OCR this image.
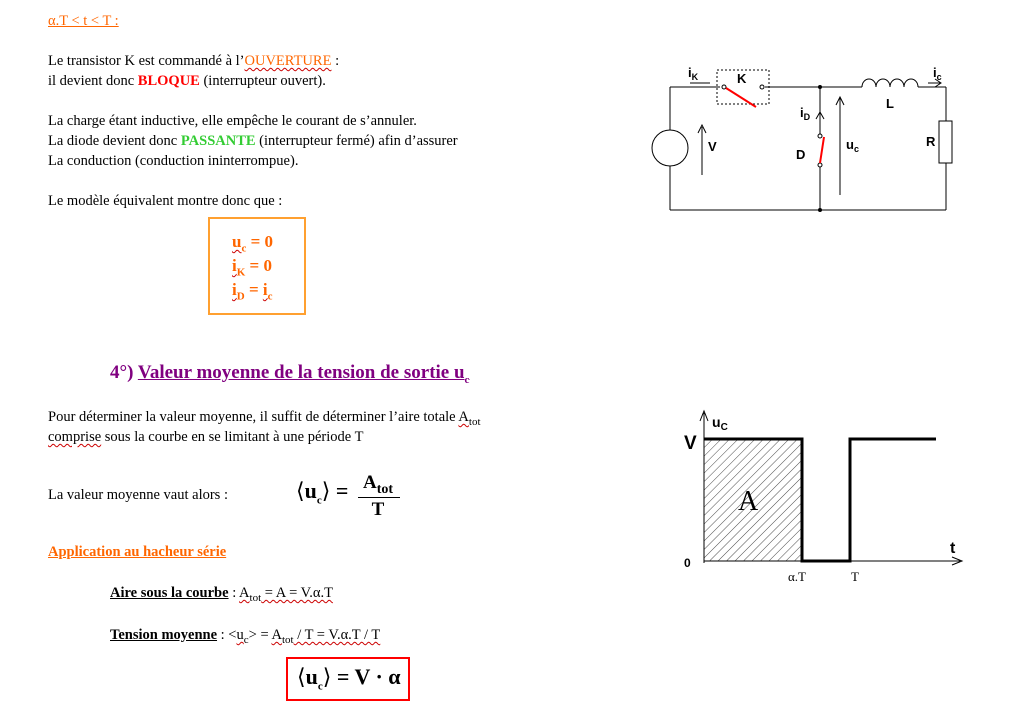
α.T < t < T :
Le transistor K est commandé à l’OUVERTURE :
il devient donc BLOQUE (interrupteur ouvert).
La charge étant inductive, elle empêche le courant de s’annuler.
La diode devient donc PASSANTE (interrupteur fermé) afin d’assurer
La conduction (conduction ininterrompue).
Le modèle équivalent montre donc que :
$u_c = 0$
$i_K = 0$
$i_D = i_c$
$i_K$	K	$i_c$
L
$i_D$
V
D
$u_c$	R
4°) Valeur moyenne de la tension de sortie $u_c$
Pour déterminer la valeur moyenne, il suffit de déterminer l’aire totale $A_{tot}$
comprise sous la courbe en se limitant à une période T
La valeur moyenne vaut alors :	$⟨u_c⟩ = A_{tot}$
T
$u_C$
V
0
A
t
α.T	T
Application au hacheur série
Aire sous la courbe : $A_{tot} = A = V.\alpha.T$
Tension moyenne : $<u_c> = A_{tot} / T = V.\alpha.T / T$
$⟨u_c⟩ = V \cdot \alpha$
